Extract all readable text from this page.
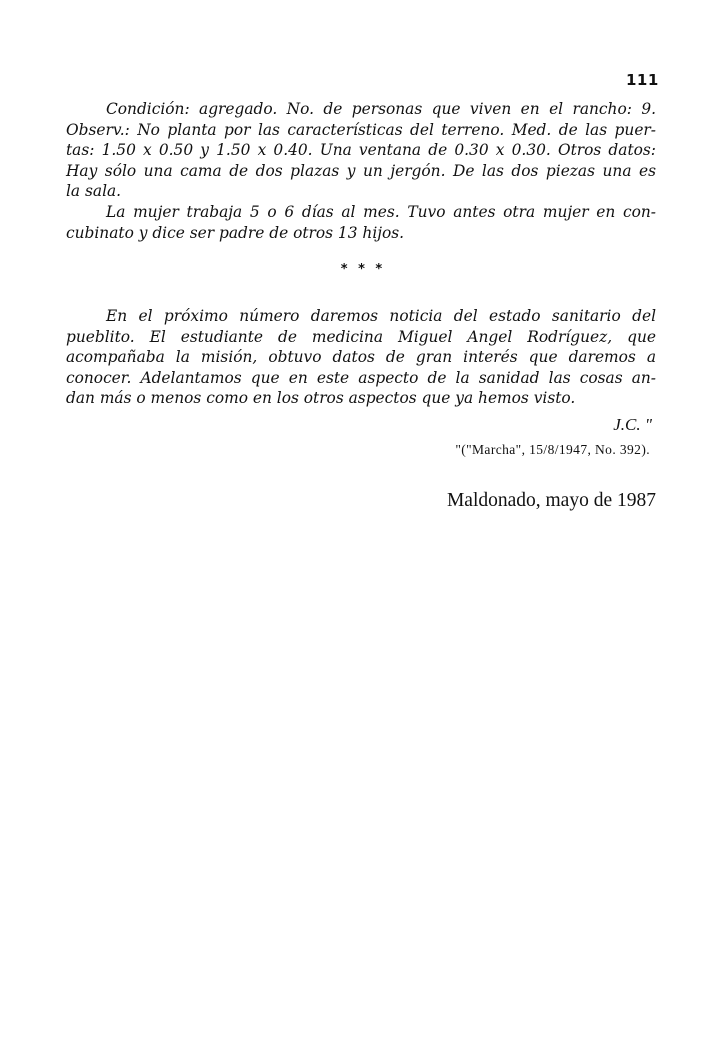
111
Condición: agregado. No. de personas que viven en el rancho: 9.
Observ.: No planta por las características del terreno. Med. de las puer-
tas: 1.50 x 0.50 y 1.50 x 0.40. Una ventana de 0.30 x 0.30. Otros datos:
Hay sólo una cama de dos plazas y un jergón. De las dos piezas una es
la sala.
La mujer trabaja 5 o 6 días al mes. Tuvo antes otra mujer en con-
cubinato y dice ser padre de otros 13 hijos.
* * *
En el próximo número daremos noticia del estado sanitario del
pueblito. El estudiante de medicina Miguel Angel Rodríguez, que
acompañaba la misión, obtuvo datos de gran interés que daremos a
conocer. Adelantamos que en este aspecto de la sanidad las cosas an-
dan más o menos como en los otros aspectos que ya hemos visto.
J.C. "
"("Marcha", 15/8/1947, No. 392).
Maldonado, mayo de 1987
